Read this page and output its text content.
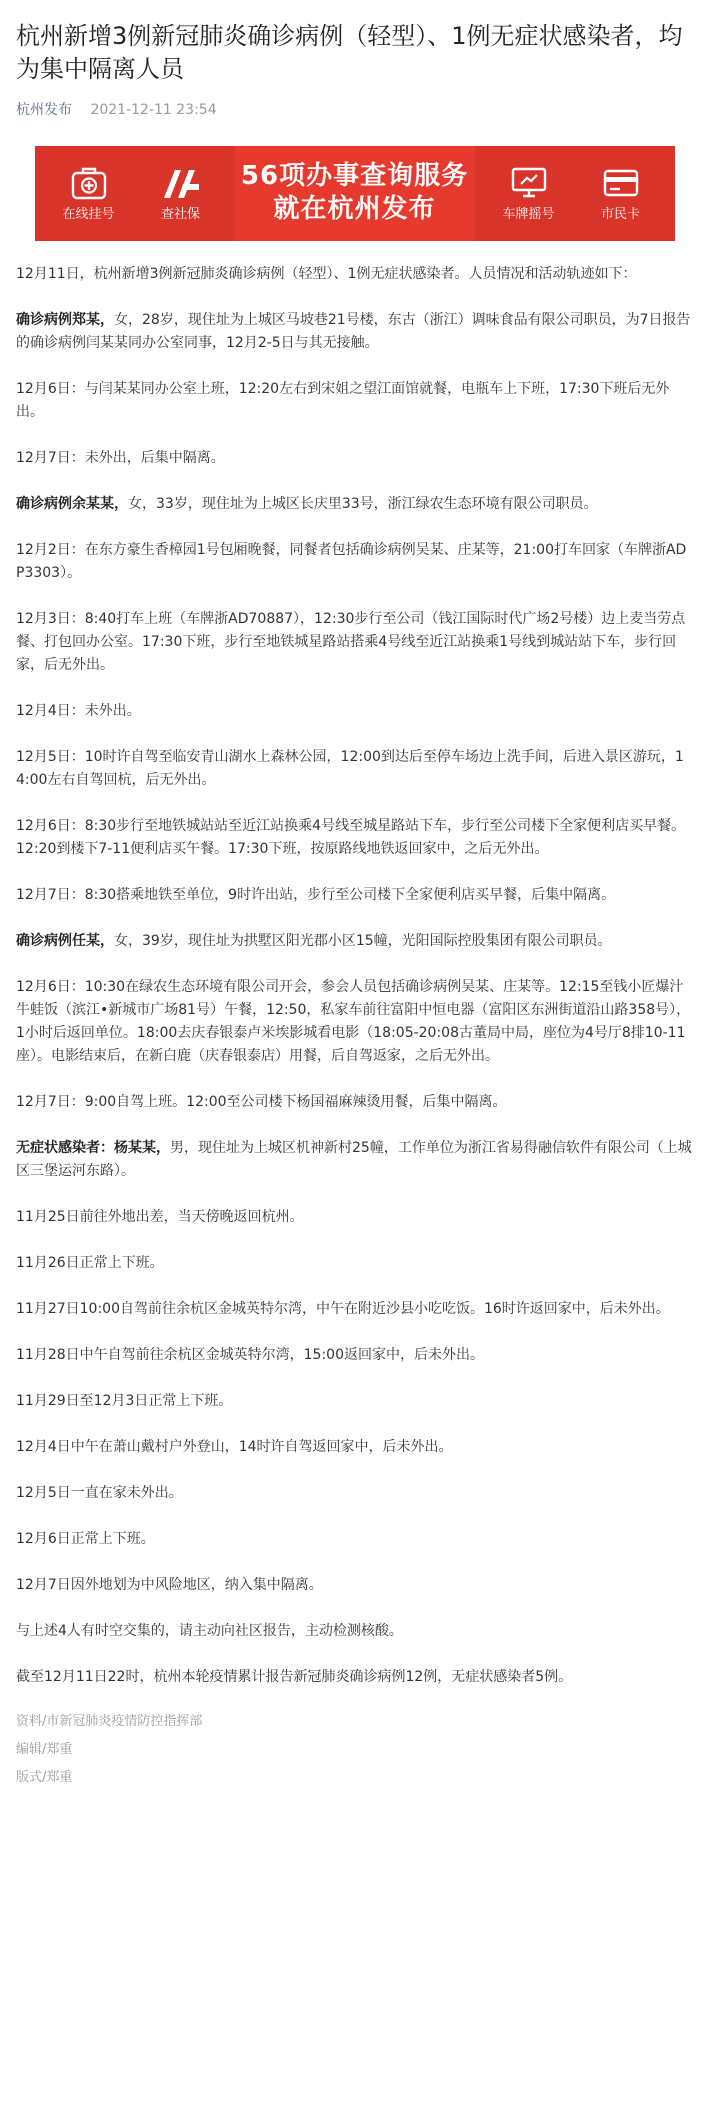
杭州新增3例新冠肺炎确诊病例（轻型）、1例无症状感染者，均为集中隔离人员
杭州发布 2021-12-11 23:54
在线挂号	查社保
56项办事查询服务
就在杭州发布	车牌摇号	市民卡

12月11日，杭州新增3例新冠肺炎确诊病例（轻型）、1例无症状感染者。人员情况和活动轨迹如下：

确诊病例郑某，女，28岁，现住址为上城区马坡巷21号楼，东古（浙江）调味食品有限公司职员，为7日报告的确诊病例闫某某同办公室同事，12月2-5日与其无接触。

12月6日：与闫某某同办公室上班，12:20左右到宋姐之望江面馆就餐，电瓶车上下班，17:30下班后无外出。

12月7日：未外出，后集中隔离。

确诊病例余某某，女，33岁，现住址为上城区长庆里33号，浙江绿农生态环境有限公司职员。

12月2日：在东方豪生香樟园1号包厢晚餐，同餐者包括确诊病例吴某、庄某等，21:00打车回家（车牌浙ADP3303）。

12月3日：8:40打车上班（车牌浙AD70887），12:30步行至公司（钱江国际时代广场2号楼）边上麦当劳点餐、打包回办公室。17:30下班，步行至地铁城星路站搭乘4号线至近江站换乘1号线到城站站下车，步行回家，后无外出。

12月4日：未外出。

12月5日：10时许自驾至临安青山湖水上森林公园，12:00到达后至停车场边上洗手间，后进入景区游玩，14:00左右自驾回杭，后无外出。

12月6日：8:30步行至地铁城站站至近江站换乘4号线至城星路站下车，步行至公司楼下全家便利店买早餐。12:20到楼下7-11便利店买午餐。17:30下班，按原路线地铁返回家中，之后无外出。

12月7日：8:30搭乘地铁至单位，9时许出站，步行至公司楼下全家便利店买早餐，后集中隔离。

确诊病例任某，女，39岁，现住址为拱墅区阳光郡小区15幢，光阳国际控股集团有限公司职员。

12月6日：10:30在绿农生态环境有限公司开会，参会人员包括确诊病例吴某、庄某等。12:15至钱小匠爆汁牛蛙饭（滨江•新城市广场81号）午餐，12:50，私家车前往富阳中恒电器（富阳区东洲街道沿山路358号），1小时后返回单位。18:00去庆春银泰卢米埃影城看电影（18:05-20:08古董局中局，座位为4号厅8排10-11座）。电影结束后，在新白鹿（庆春银泰店）用餐，后自驾返家，之后无外出。

12月7日：9:00自驾上班。12:00至公司楼下杨国福麻辣烫用餐，后集中隔离。

无症状感染者：杨某某，男，现住址为上城区机神新村25幢，工作单位为浙江省易得融信软件有限公司（上城区三堡运河东路）。

11月25日前往外地出差，当天傍晚返回杭州。

11月26日正常上下班。

11月27日10:00自驾前往余杭区金城英特尔湾，中午在附近沙县小吃吃饭。16时许返回家中，后未外出。

11月28日中午自驾前往余杭区金城英特尔湾，15:00返回家中，后未外出。

11月29日至12月3日正常上下班。

12月4日中午在萧山戴村户外登山，14时许自驾返回家中，后未外出。

12月5日一直在家未外出。

12月6日正常上下班。

12月7日因外地划为中风险地区，纳入集中隔离。

与上述4人有时空交集的，请主动向社区报告，主动检测核酸。

截至12月11日22时，杭州本轮疫情累计报告新冠肺炎确诊病例12例，无症状感染者5例。

资料/市新冠肺炎疫情防控指挥部
编辑/郑重
版式/郑重
